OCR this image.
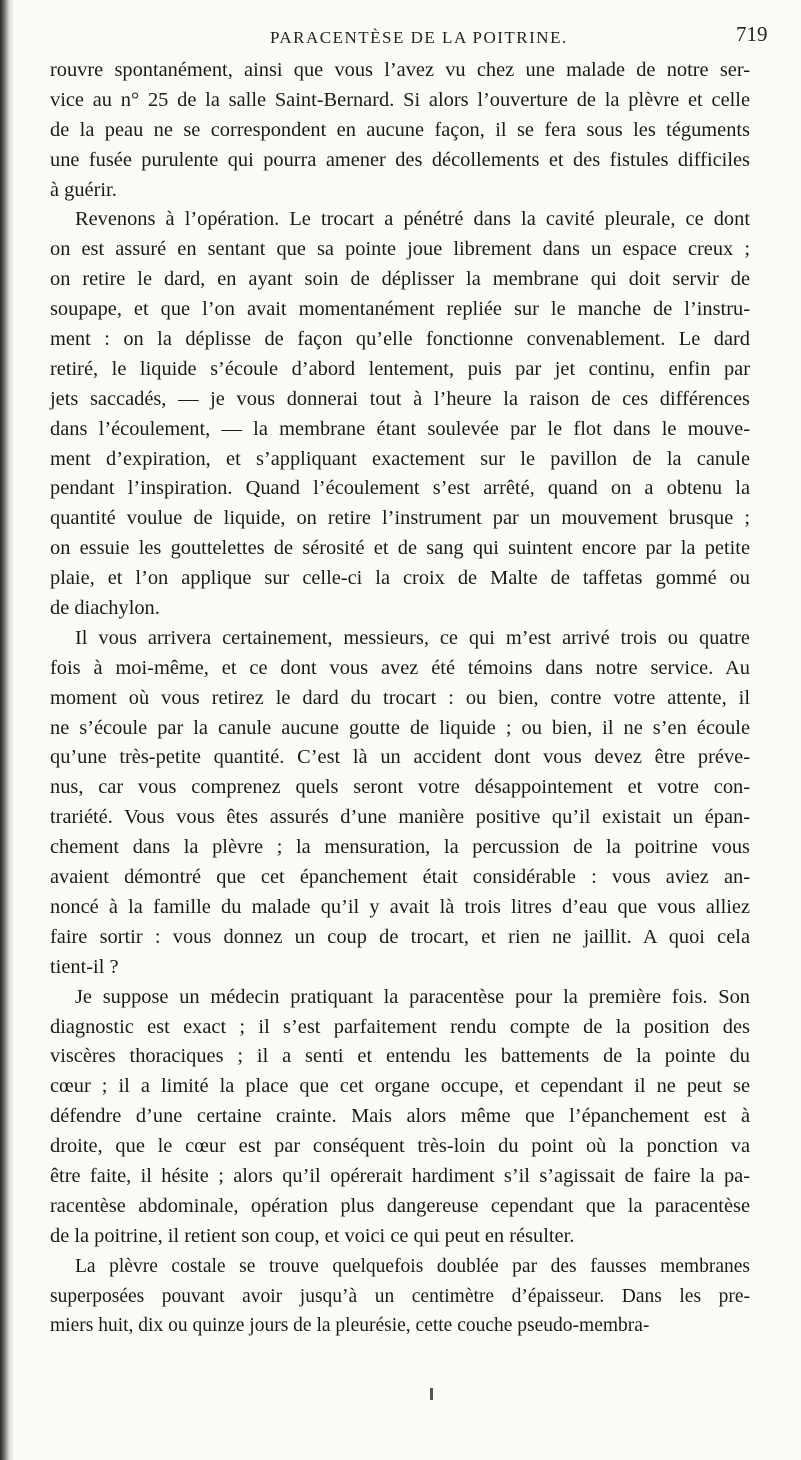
PARACENTÈSE DE LA POITRINE.	719

rouvre spontanément, ainsi que vous l’avez vu chez une malade de notre ser-
vice au n° 25 de la salle Saint-Bernard. Si alors l’ouverture de la plèvre et celle
de la peau ne se correspondent en aucune façon, il se fera sous les téguments
une fusée purulente qui pourra amener des décollements et des fistules difficiles
à guérir.

Revenons à l’opération. Le trocart a pénétré dans la cavité pleurale, ce dont
on est assuré en sentant que sa pointe joue librement dans un espace creux ;
on retire le dard, en ayant soin de déplisser la membrane qui doit servir de
soupape, et que l’on avait momentanément repliée sur le manche de l’instru-
ment : on la déplisse de façon qu’elle fonctionne convenablement. Le dard
retiré, le liquide s’écoule d’abord lentement, puis par jet continu, enfin par
jets saccadés, — je vous donnerai tout à l’heure la raison de ces différences
dans l’écoulement, — la membrane étant soulevée par le flot dans le mouve-
ment d’expiration, et s’appliquant exactement sur le pavillon de la canule
pendant l’inspiration. Quand l’écoulement s’est arrêté, quand on a obtenu la
quantité voulue de liquide, on retire l’instrument par un mouvement brusque ;
on essuie les gouttelettes de sérosité et de sang qui suintent encore par la petite
plaie, et l’on applique sur celle-ci la croix de Malte de taffetas gommé ou
de diachylon.

Il vous arrivera certainement, messieurs, ce qui m’est arrivé trois ou quatre
fois à moi-même, et ce dont vous avez été témoins dans notre service. Au
moment où vous retirez le dard du trocart : ou bien, contre votre attente, il
ne s’écoule par la canule aucune goutte de liquide ; ou bien, il ne s’en écoule
qu’une très-petite quantité. C’est là un accident dont vous devez être préve-
nus, car vous comprenez quels seront votre désappointement et votre con-
trariété. Vous vous êtes assurés d’une manière positive qu’il existait un épan-
chement dans la plèvre ; la mensuration, la percussion de la poitrine vous
avaient démontré que cet épanchement était considérable : vous aviez an-
noncé à la famille du malade qu’il y avait là trois litres d’eau que vous alliez
faire sortir : vous donnez un coup de trocart, et rien ne jaillit. A quoi cela
tient-il ?

Je suppose un médecin pratiquant la paracentèse pour la première fois. Son
diagnostic est exact ; il s’est parfaitement rendu compte de la position des
viscères thoraciques ; il a senti et entendu les battements de la pointe du
cœur ; il a limité la place que cet organe occupe, et cependant il ne peut se
défendre d’une certaine crainte. Mais alors même que l’épanchement est à
droite, que le cœur est par conséquent très-loin du point où la ponction va
être faite, il hésite ; alors qu’il opérerait hardiment s’il s’agissait de faire la pa-
racentèse abdominale, opération plus dangereuse cependant que la paracentèse
de la poitrine, il retient son coup, et voici ce qui peut en résulter.

La plèvre costale se trouve quelquefois doublée par des fausses membranes
superposées pouvant avoir jusqu’à un centimètre d’épaisseur. Dans les pre-
miers huit, dix ou quinze jours de la pleurésie, cette couche pseudo-membra-
